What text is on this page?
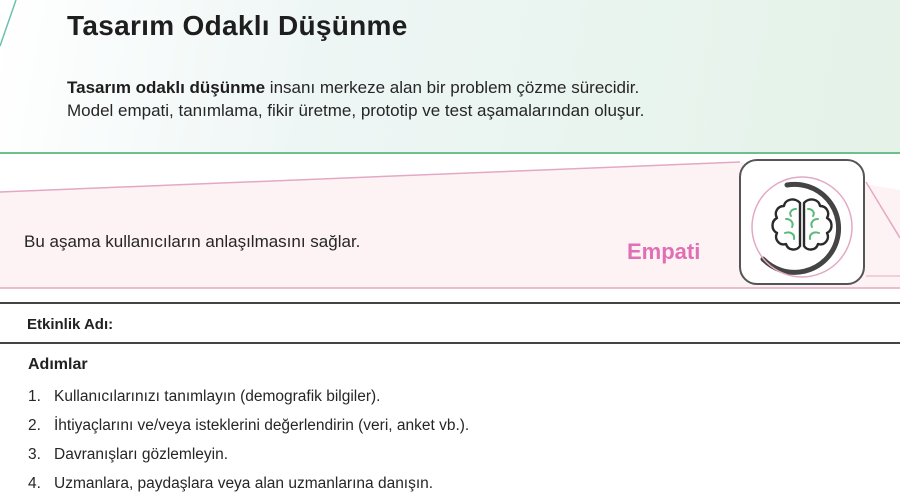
Tasarım Odaklı Düşünme
Tasarım odaklı düşünme insanı merkeze alan bir problem çözme sürecidir.
Model empati, tanımlama, fikir üretme, prototip ve test aşamalarından oluşur.
Bu aşama kullanıcıların anlaşılmasını sağlar.	Empati
Etkinlik Adı:
Adımlar
1. Kullanıcılarınızı tanımlayın (demografik bilgiler).
2. İhtiyaçlarını ve/veya isteklerini değerlendirin (veri, anket vb.).
3. Davranışları gözlemleyin.
4. Uzmanlara, paydaşlara veya alan uzmanlarına danışın.
